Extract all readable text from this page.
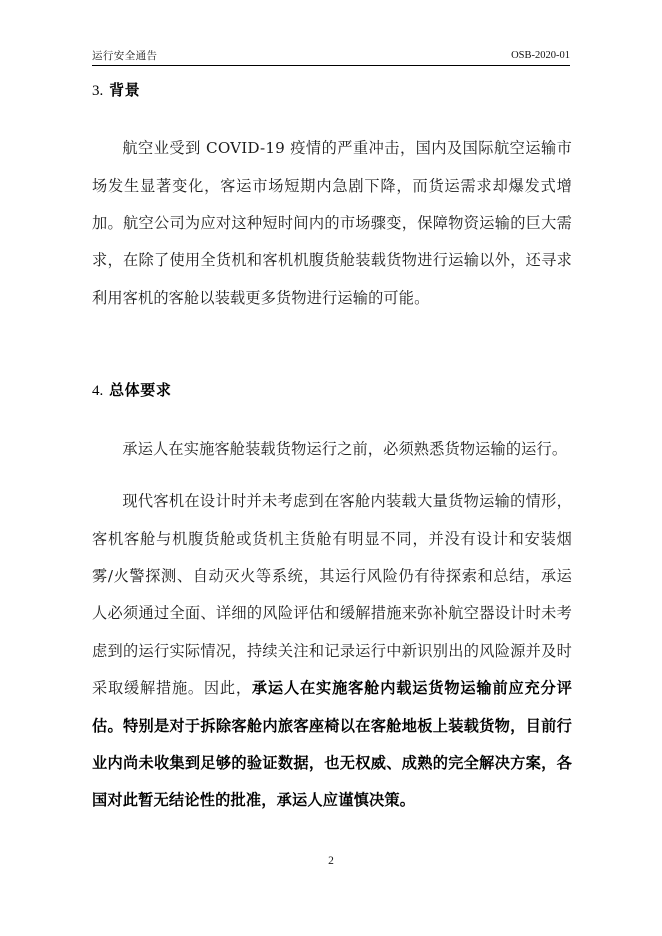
运行安全通告	OSB-2020-01
3. 背景

航空业受到 COVID-19 疫情的严重冲击，国内及国际航空运输市场发生显著变化，客运市场短期内急剧下降，而货运需求却爆发式增加。航空公司为应对这种短时间内的市场骤变，保障物资运输的巨大需求，在除了使用全货机和客机机腹货舱装载货物进行运输以外，还寻求利用客机的客舱以装载更多货物进行运输的可能。

4. 总体要求

承运人在实施客舱装载货物运行之前，必须熟悉货物运输的运行。

现代客机在设计时并未考虑到在客舱内装载大量货物运输的情形，客机客舱与机腹货舱或货机主货舱有明显不同，并没有设计和安装烟雾/火警探测、自动灭火等系统，其运行风险仍有待探索和总结，承运人必须通过全面、详细的风险评估和缓解措施来弥补航空器设计时未考虑到的运行实际情况，持续关注和记录运行中新识别出的风险源并及时采取缓解措施。因此，承运人在实施客舱内载运货物运输前应充分评估。特别是对于拆除客舱内旅客座椅以在客舱地板上装载货物，目前行业内尚未收集到足够的验证数据，也无权威、成熟的完全解决方案，各国对此暂无结论性的批准，承运人应谨慎决策。

2
